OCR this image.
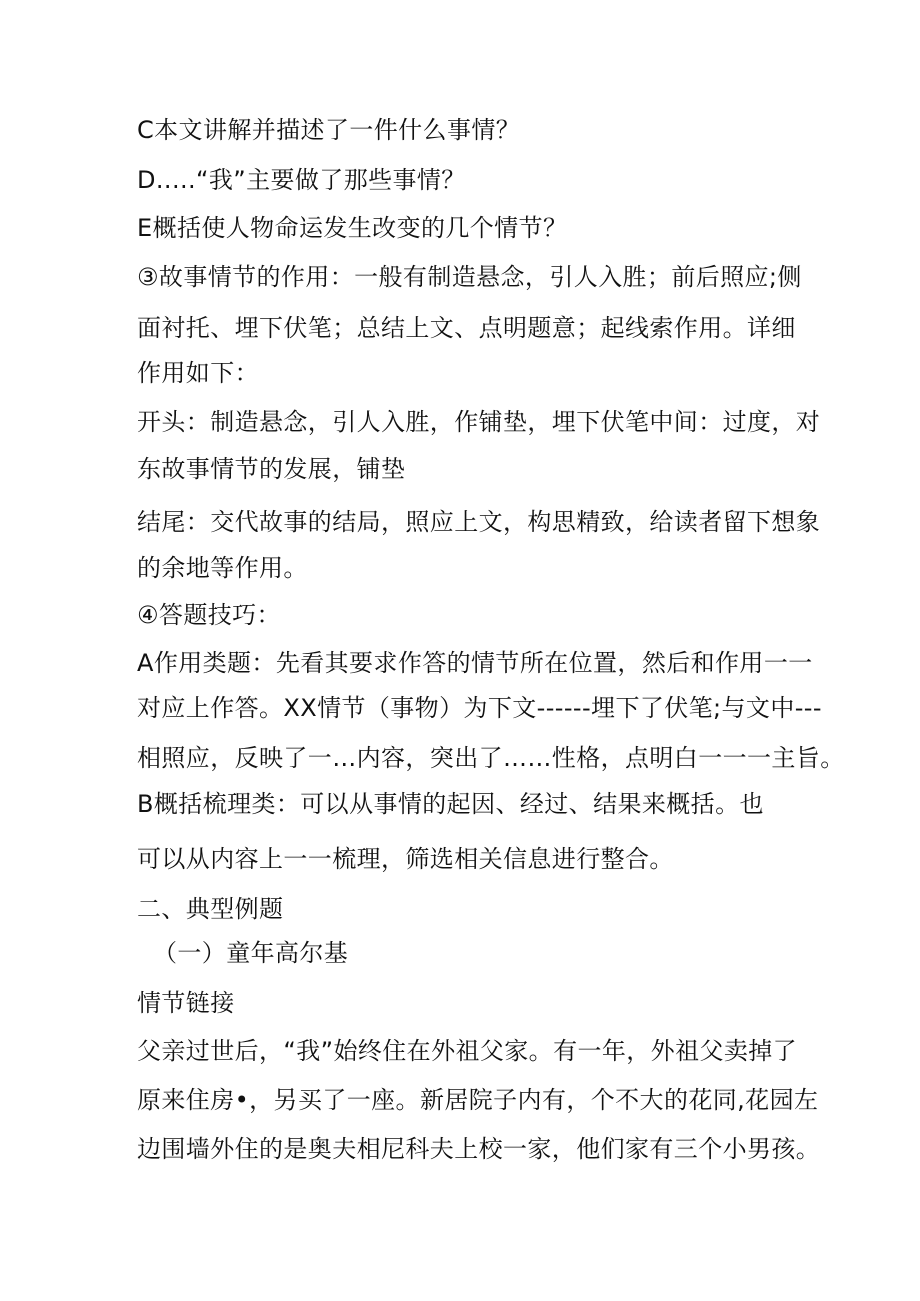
C本文讲解并描述了一件什么事情？
D.....“我”主要做了那些事情？
E概括使人物命运发生改变的几个情节？
③故事情节的作用：一般有制造悬念，引人入胜；前后照应;侧
面衬托、埋下伏笔；总结上文、点明题意；起线索作用。详细
作用如下：
开头：制造悬念，引人入胜，作铺垫，埋下伏笔中间：过度，对
东故事情节的发展，铺垫
结尾：交代故事的结局，照应上文，构思精致，给读者留下想象
的余地等作用。
④答题技巧：
A作用类题：先看其要求作答的情节所在位置，然后和作用一一
对应上作答。XX情节（事物）为下文------埋下了伏笔;与文中---
相照应，反映了一…内容，突出了……性格，点明白一一一主旨。
B概括梳理类：可以从事情的起因、经过、结果来概括。也
可以从内容上一一梳理，筛选相关信息进行整合。
二、典型例题
（一）童年高尔基
情节链接
父亲过世后，“我”始终住在外祖父家。有一年，外祖父卖掉了
原来住房•，另买了一座。新居院子内有，个不大的花同,花园左
边围墙外住的是奥夫相尼科夫上校一家，他们家有三个小男孩。
